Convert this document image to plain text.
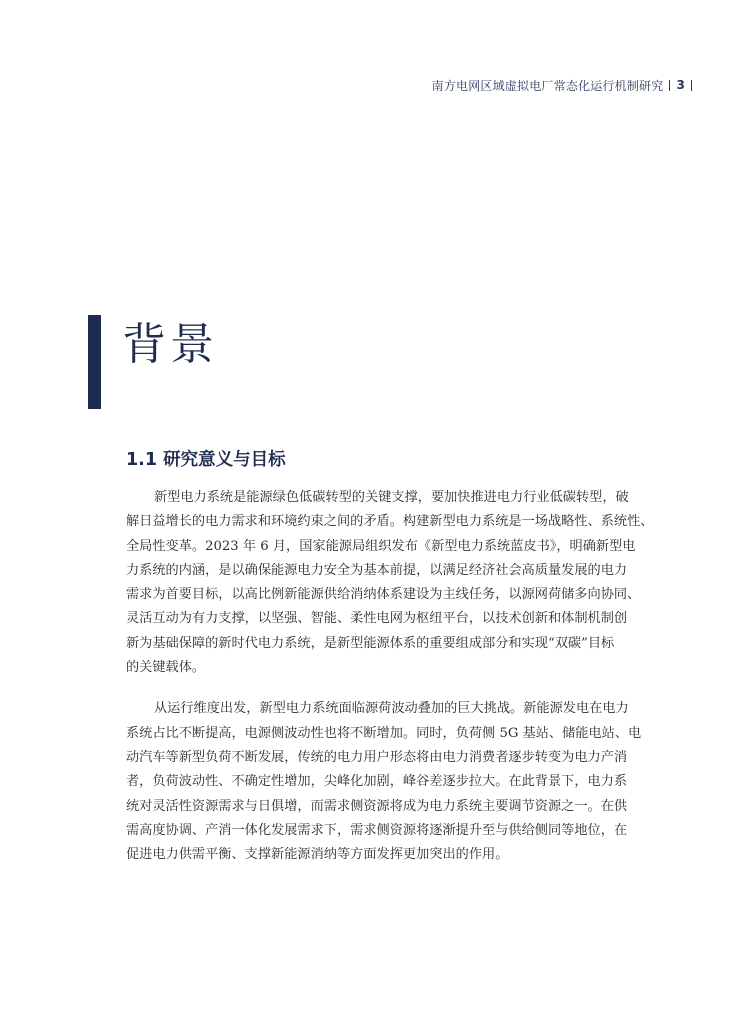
南方电网区域虚拟电厂常态化运行机制研究 3
背景
1.1 研究意义与目标

新型电力系统是能源绿色低碳转型的关键支撑，要加快推进电力行业低碳转型，破
解日益增长的电力需求和环境约束之间的矛盾。构建新型电力系统是一场战略性、系统性、
全局性变革。2023 年 6 月，国家能源局组织发布《新型电力系统蓝皮书》，明确新型电
力系统的内涵，是以确保能源电力安全为基本前提，以满足经济社会高质量发展的电力
需求为首要目标，以高比例新能源供给消纳体系建设为主线任务，以源网荷储多向协同、
灵活互动为有力支撑，以坚强、智能、柔性电网为枢纽平台，以技术创新和体制机制创
新为基础保障的新时代电力系统，是新型能源体系的重要组成部分和实现“双碳”目标
的关键载体。

从运行维度出发，新型电力系统面临源荷波动叠加的巨大挑战。新能源发电在电力
系统占比不断提高，电源侧波动性也将不断增加。同时，负荷侧 5G 基站、储能电站、电
动汽车等新型负荷不断发展，传统的电力用户形态将由电力消费者逐步转变为电力产消
者，负荷波动性、不确定性增加，尖峰化加剧，峰谷差逐步拉大。在此背景下，电力系
统对灵活性资源需求与日俱增，而需求侧资源将成为电力系统主要调节资源之一。在供
需高度协调、产消一体化发展需求下，需求侧资源将逐渐提升至与供给侧同等地位，在
促进电力供需平衡、支撑新能源消纳等方面发挥更加突出的作用。
